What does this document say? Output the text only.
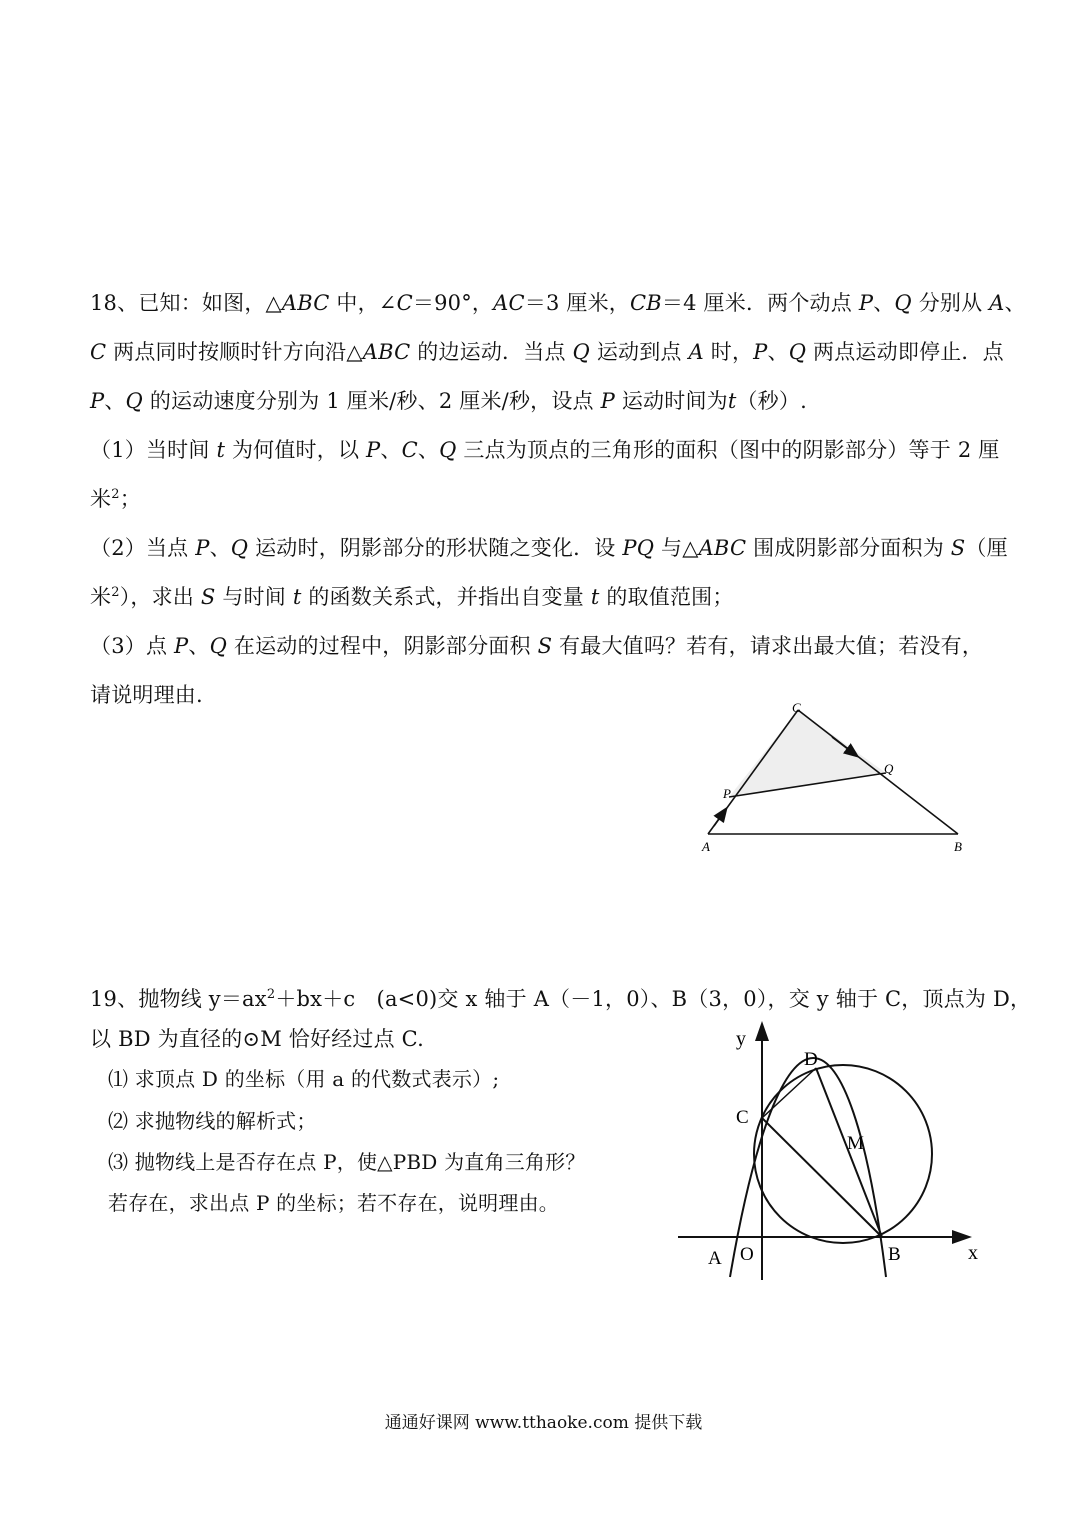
18、已知：如图，△ABC 中，∠C＝90°，AC＝3 厘米，CB＝4 厘米．两个动点 P、Q 分别从 A、
C 两点同时按顺时针方向沿△ABC 的边运动．当点 Q 运动到点 A 时，P、Q 两点运动即停止．点
P、Q 的运动速度分别为 1 厘米/秒、2 厘米/秒，设点 P 运动时间为t（秒）.
（1）当时间 t 为何值时，以 P、C、Q 三点为顶点的三角形的面积（图中的阴影部分）等于 2 厘
米$^2$；
（2）当点 P、Q 运动时，阴影部分的形状随之变化．设 PQ 与△ABC 围成阴影部分面积为 S（厘
米$^2$），求出 S 与时间 t 的函数关系式，并指出自变量 t 的取值范围；
（3）点 P、Q 在运动的过程中，阴影部分面积 S 有最大值吗？若有，请求出最大值；若没有，
请说明理由.
C
Q
P
A	B
19、抛物线 $y=ax^2+bx+c$　(a<0)交 x 轴于 A（－1，0）、B（3，0），交 y 轴于 C，顶点为 D，
以 BD 为直径的⊙M 恰好经过点 C.
⑴ 求顶点 D 的坐标（用 a 的代数式表示）;
⑵ 求抛物线的解析式；
⑶ 抛物线上是否存在点 P，使△PBD 为直角三角形？
若存在，求出点 P 的坐标；若不存在，说明理由。
y
x
D
C
M
A O	B
通通好课网 www.tthaoke.com 提供下载
